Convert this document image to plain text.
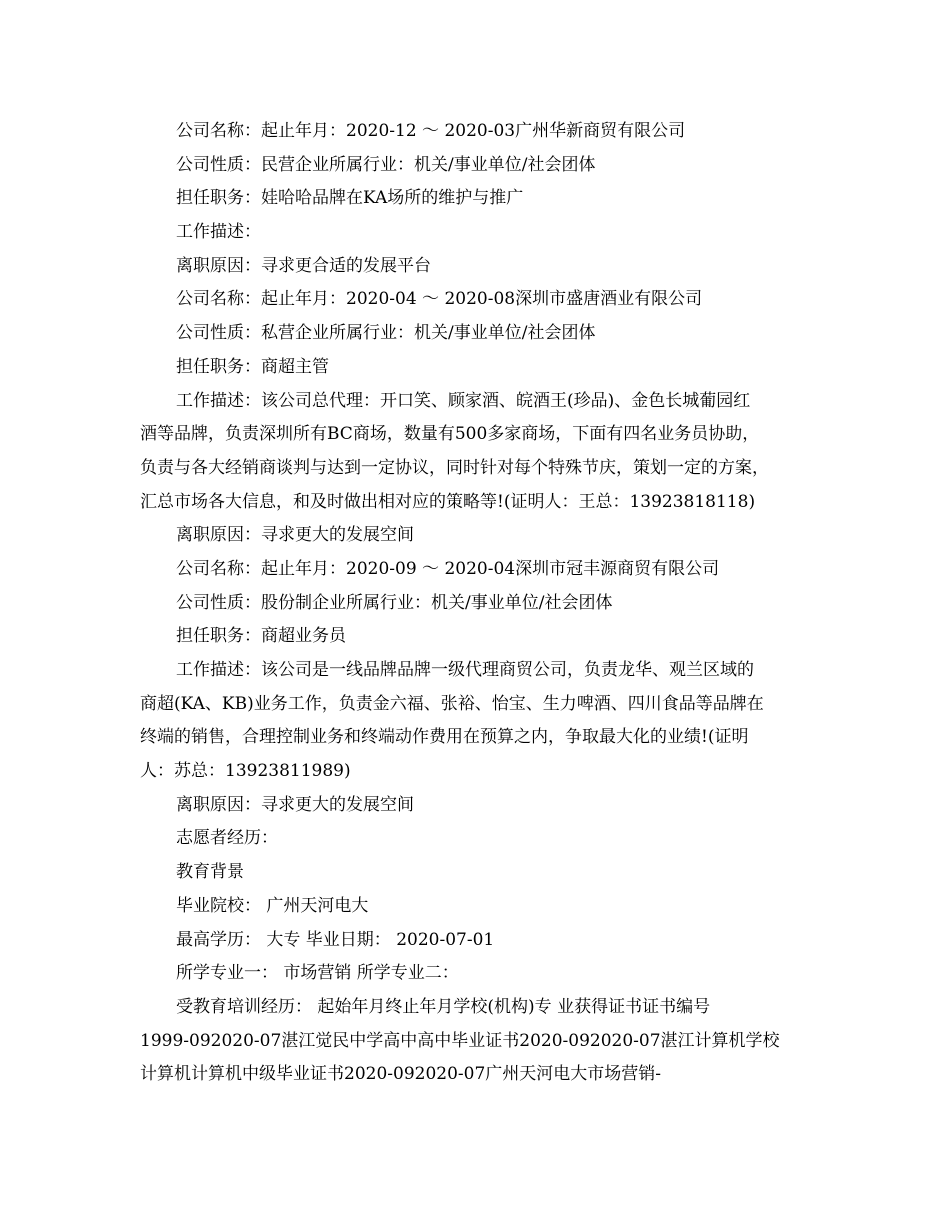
公司名称：起止年月：2020-12 ～ 2020-03广州华新商贸有限公司
公司性质：民营企业所属行业：机关/事业单位/社会团体
担任职务：娃哈哈品牌在KA场所的维护与推广
工作描述：
离职原因：寻求更合适的发展平台
公司名称：起止年月：2020-04 ～ 2020-08深圳市盛唐酒业有限公司
公司性质：私营企业所属行业：机关/事业单位/社会团体
担任职务：商超主管
工作描述：该公司总代理：开口笑、顾家酒、皖酒王(珍品)、金色长城葡园红
酒等品牌，负责深圳所有BC商场，数量有500多家商场，下面有四名业务员协助，
负责与各大经销商谈判与达到一定协议，同时针对每个特殊节庆，策划一定的方案，
汇总市场各大信息，和及时做出相对应的策略等!(证明人：王总：13923818118)
离职原因：寻求更大的发展空间
公司名称：起止年月：2020-09 ～ 2020-04深圳市冠丰源商贸有限公司
公司性质：股份制企业所属行业：机关/事业单位/社会团体
担任职务：商超业务员
工作描述：该公司是一线品牌品牌一级代理商贸公司，负责龙华、观兰区域的
商超(KA、KB)业务工作，负责金六福、张裕、怡宝、生力啤酒、四川食品等品牌在
终端的销售，合理控制业务和终端动作费用在预算之内，争取最大化的业绩!(证明
人：苏总：13923811989)
离职原因：寻求更大的发展空间
志愿者经历：
教育背景
毕业院校： 广州天河电大
最高学历： 大专 毕业日期： 2020-07-01
所学专业一： 市场营销 所学专业二：
受教育培训经历： 起始年月终止年月学校(机构)专 业获得证书证书编号
1999-092020-07湛江觉民中学高中高中毕业证书2020-092020-07湛江计算机学校
计算机计算机中级毕业证书2020-092020-07广州天河电大市场营销-
